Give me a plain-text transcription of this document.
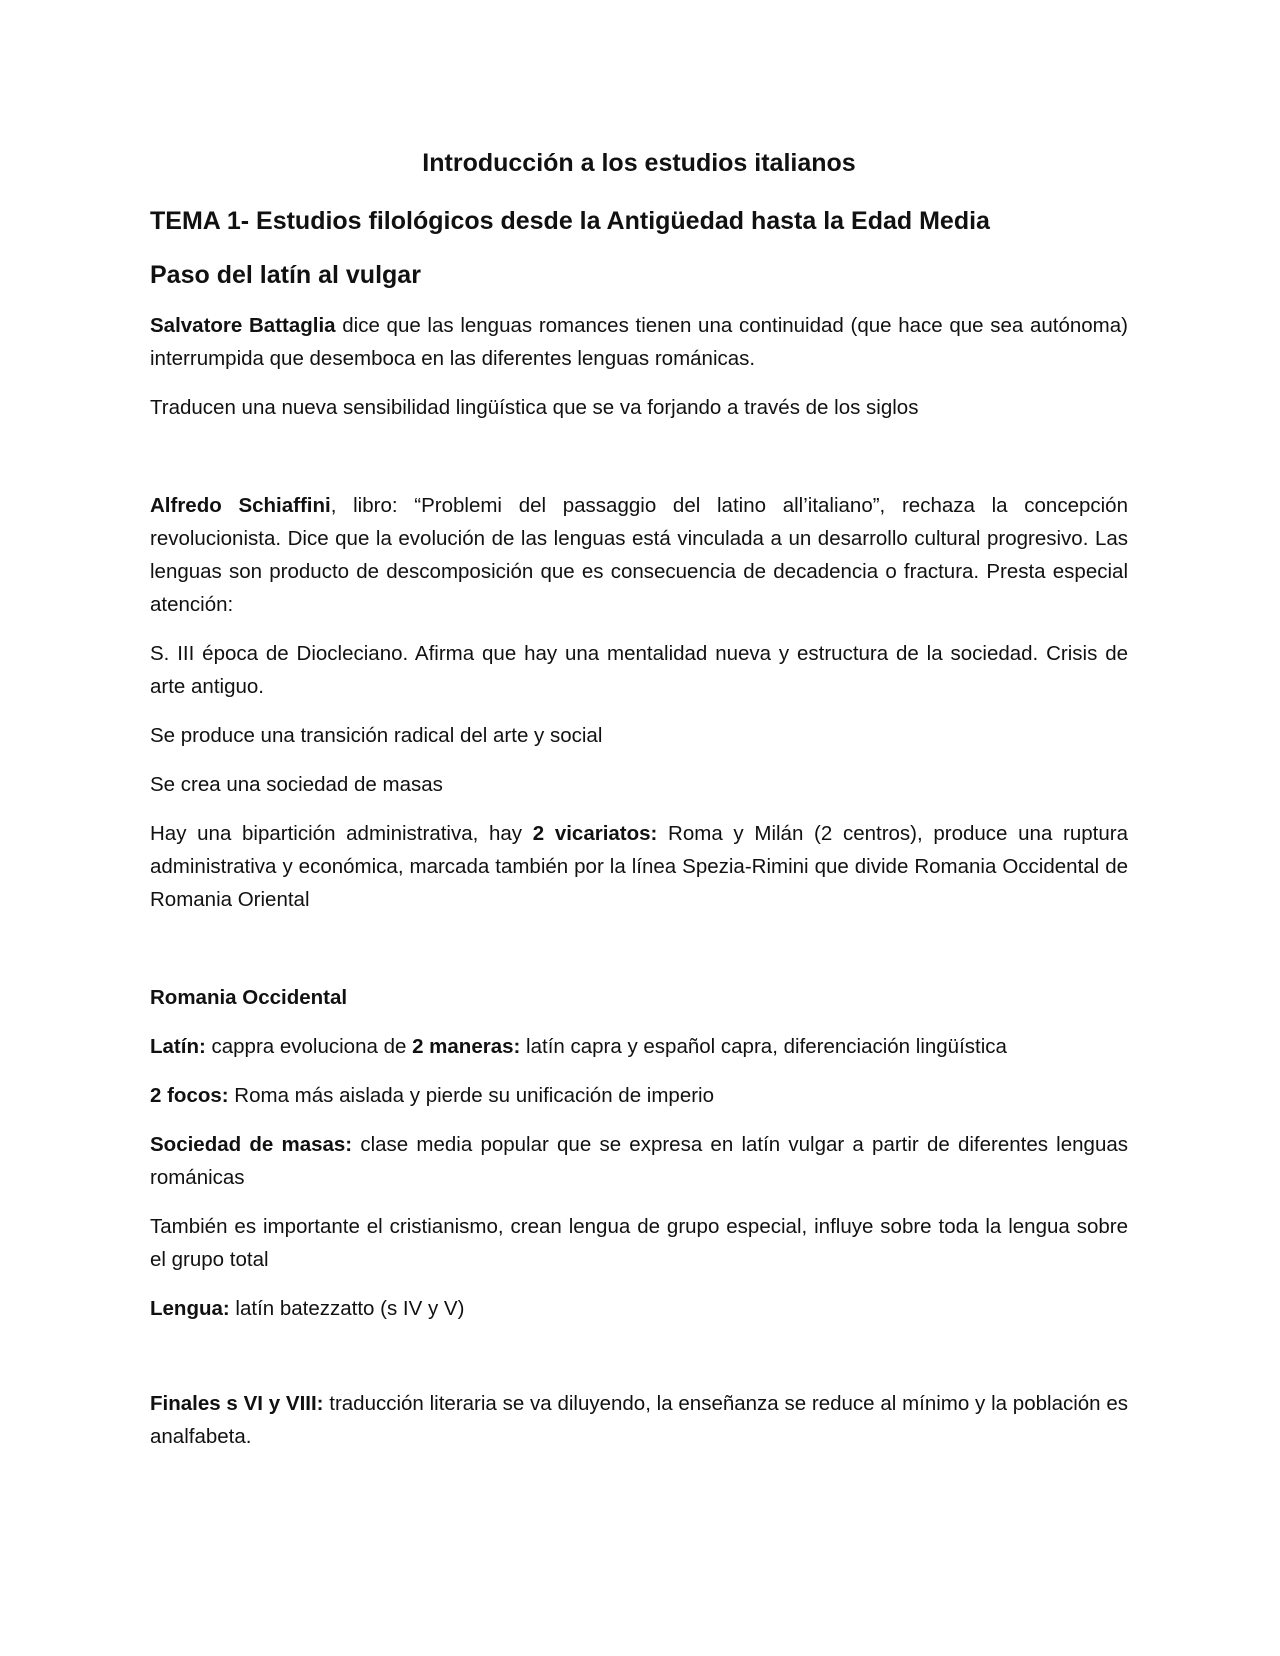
Introducción a los estudios italianos
TEMA 1- Estudios filológicos desde la Antigüedad hasta la Edad Media
Paso del latín al vulgar

Salvatore Battaglia dice que las lenguas romances tienen una continuidad (que hace que sea autónoma) interrumpida que desemboca en las diferentes lenguas románicas.

Traducen una nueva sensibilidad lingüística que se va forjando a través de los siglos

Alfredo Schiaffini, libro: “Problemi del passaggio del latino all’italiano”, rechaza la concepción revolucionista. Dice que la evolución de las lenguas está vinculada a un desarrollo cultural progresivo. Las lenguas son producto de descomposición que es consecuencia de decadencia o fractura. Presta especial atención:

S. III época de Diocleciano. Afirma que hay una mentalidad nueva y estructura de la sociedad. Crisis de arte antiguo.

Se produce una transición radical del arte y social

Se crea una sociedad de masas

Hay una bipartición administrativa, hay 2 vicariatos: Roma y Milán (2 centros), produce una ruptura administrativa y económica, marcada también por la línea Spezia-Rimini que divide Romania Occidental de Romania Oriental

Romania Occidental

Latín: cappra evoluciona de 2 maneras: latín capra y español capra, diferenciación lingüística

2 focos: Roma más aislada y pierde su unificación de imperio

Sociedad de masas: clase media popular que se expresa en latín vulgar a partir de diferentes lenguas románicas

También es importante el cristianismo, crean lengua de grupo especial, influye sobre toda la lengua sobre el grupo total

Lengua: latín batezzatto (s IV y V)

Finales s VI y VIII: traducción literaria se va diluyendo, la enseñanza se reduce al mínimo y la población es analfabeta.
